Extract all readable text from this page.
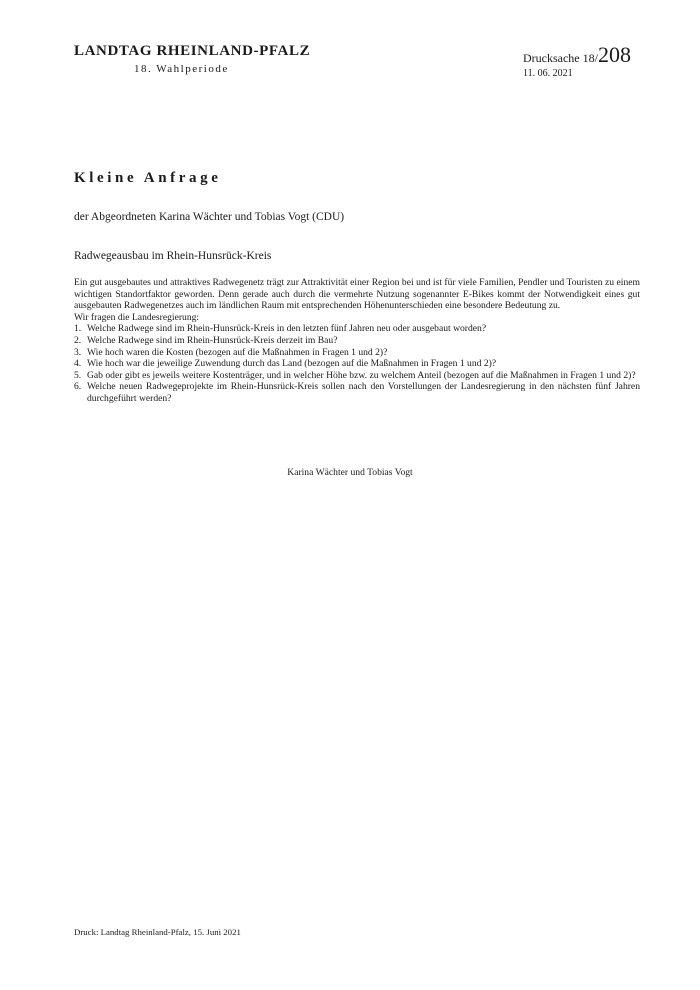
LANDTAG RHEINLAND-PFALZ
18. Wahlperiode
Drucksache 18/208
11. 06. 2021
Kleine Anfrage

der Abgeordneten Karina Wächter und Tobias Vogt (CDU)

Radwegeausbau im Rhein-Hunsrück-Kreis

Ein gut ausgebautes und attraktives Radwegenetz trägt zur Attraktivität einer Region bei und ist für viele Familien, Pendler und Touristen zu einem wichtigen Standortfaktor geworden. Denn gerade auch durch die vermehrte Nutzung sogenannter E-Bikes kommt der Notwendigkeit eines gut ausgebauten Radwegenetzes auch im ländlichen Raum mit entsprechenden Höhenunterschieden eine besondere Bedeutung zu.

Wir fragen die Landesregierung:

1. Welche Radwege sind im Rhein-Hunsrück-Kreis in den letzten fünf Jahren neu oder ausgebaut worden?
2. Welche Radwege sind im Rhein-Hunsrück-Kreis derzeit im Bau?
3. Wie hoch waren die Kosten (bezogen auf die Maßnahmen in Fragen 1 und 2)?
4. Wie hoch war die jeweilige Zuwendung durch das Land (bezogen auf die Maßnahmen in Fragen 1 und 2)?
5. Gab oder gibt es jeweils weitere Kostenträger, und in welcher Höhe bzw. zu welchem Anteil (bezogen auf die Maßnahmen in Fragen 1 und 2)?
6. Welche neuen Radwegeprojekte im Rhein-Hunsrück-Kreis sollen nach den Vorstellungen der Landesregierung in den nächsten fünf Jahren durchgeführt werden?

Karina Wächter und Tobias Vogt

Druck: Landtag Rheinland-Pfalz, 15. Juni 2021
